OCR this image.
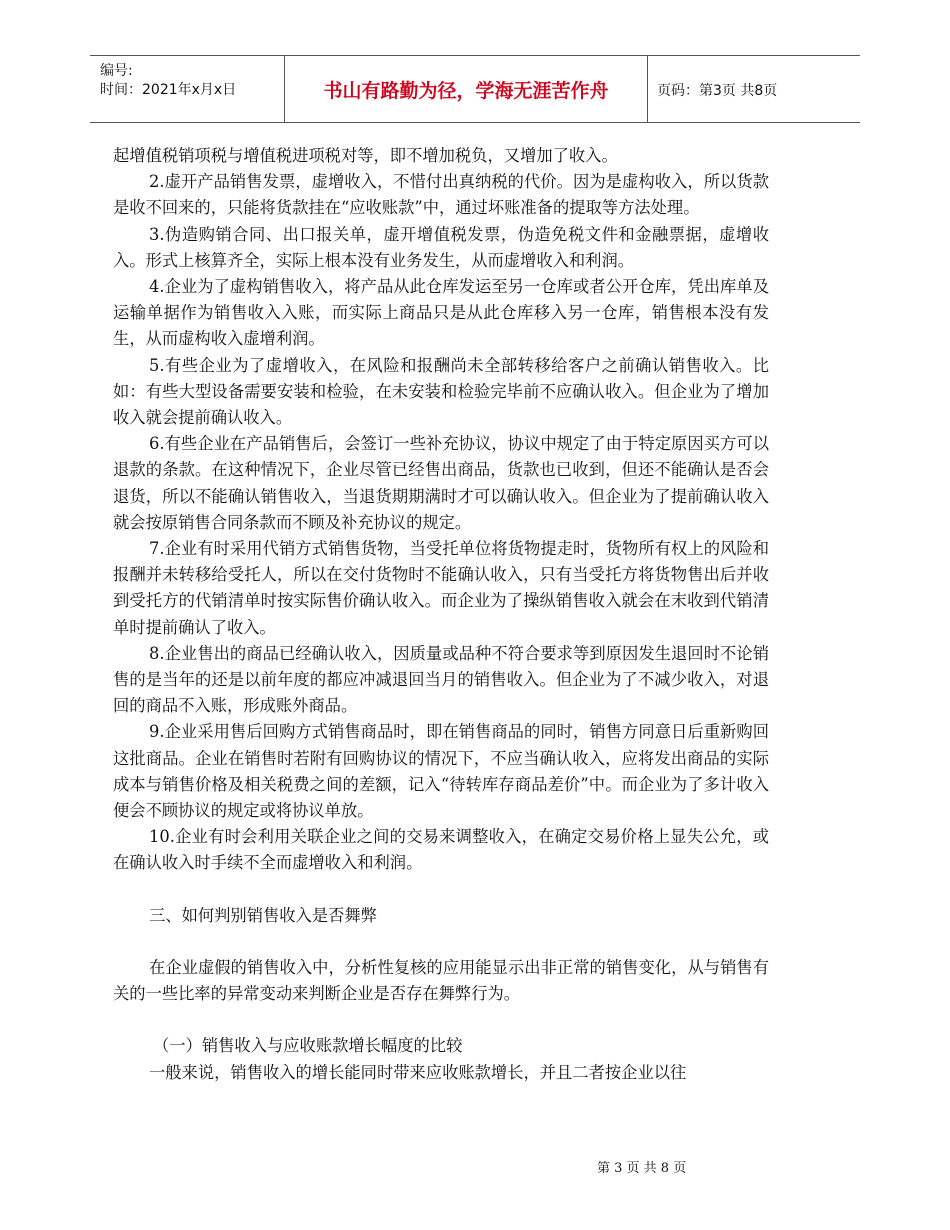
编号:
时间：2021年x月x日	书山有路勤为径，学海无涯苦作舟	页码：第3页 共8页

起增值税销项税与增值税进项税对等，即不增加税负，又增加了收入。

2.虚开产品销售发票，虚增收入，不惜付出真纳税的代价。因为是虚构收入，所以货款是收不回来的，只能将货款挂在“应收账款”中，通过坏账准备的提取等方法处理。

3.伪造购销合同、出口报关单，虚开增值税发票，伪造免税文件和金融票据，虚增收入。形式上核算齐全，实际上根本没有业务发生，从而虚增收入和利润。

4.企业为了虚构销售收入，将产品从此仓库发运至另一仓库或者公开仓库，凭出库单及运输单据作为销售收入入账，而实际上商品只是从此仓库移入另一仓库，销售根本没有发生，从而虚构收入虚增利润。

5.有些企业为了虚增收入，在风险和报酬尚未全部转移给客户之前确认销售收入。比如：有些大型设备需要安装和检验，在未安装和检验完毕前不应确认收入。但企业为了增加收入就会提前确认收入。

6.有些企业在产品销售后，会签订一些补充协议，协议中规定了由于特定原因买方可以退款的条款。在这种情况下，企业尽管已经售出商品，货款也已收到，但还不能确认是否会退货，所以不能确认销售收入，当退货期期满时才可以确认收入。但企业为了提前确认收入就会按原销售合同条款而不顾及补充协议的规定。

7.企业有时采用代销方式销售货物，当受托单位将货物提走时，货物所有权上的风险和报酬并未转移给受托人，所以在交付货物时不能确认收入，只有当受托方将货物售出后并收到受托方的代销清单时按实际售价确认收入。而企业为了操纵销售收入就会在末收到代销清单时提前确认了收入。

8.企业售出的商品已经确认收入，因质量或品种不符合要求等到原因发生退回时不论销售的是当年的还是以前年度的都应冲减退回当月的销售收入。但企业为了不减少收入，对退回的商品不入账，形成账外商品。

9.企业采用售后回购方式销售商品时，即在销售商品的同时，销售方同意日后重新购回这批商品。企业在销售时若附有回购协议的情况下，不应当确认收入，应将发出商品的实际成本与销售价格及相关税费之间的差额，记入“待转库存商品差价”中。而企业为了多计收入便会不顾协议的规定或将协议单放。

10.企业有时会利用关联企业之间的交易来调整收入，在确定交易价格上显失公允，或在确认收入时手续不全而虚增收入和利润。

三、如何判别销售收入是否舞弊

在企业虚假的销售收入中，分析性复核的应用能显示出非正常的销售变化，从与销售有关的一些比率的异常变动来判断企业是否存在舞弊行为。

（一）销售收入与应收账款增长幅度的比较

一般来说，销售收入的增长能同时带来应收账款增长，并且二者按企业以往

第 3 页 共 8 页
